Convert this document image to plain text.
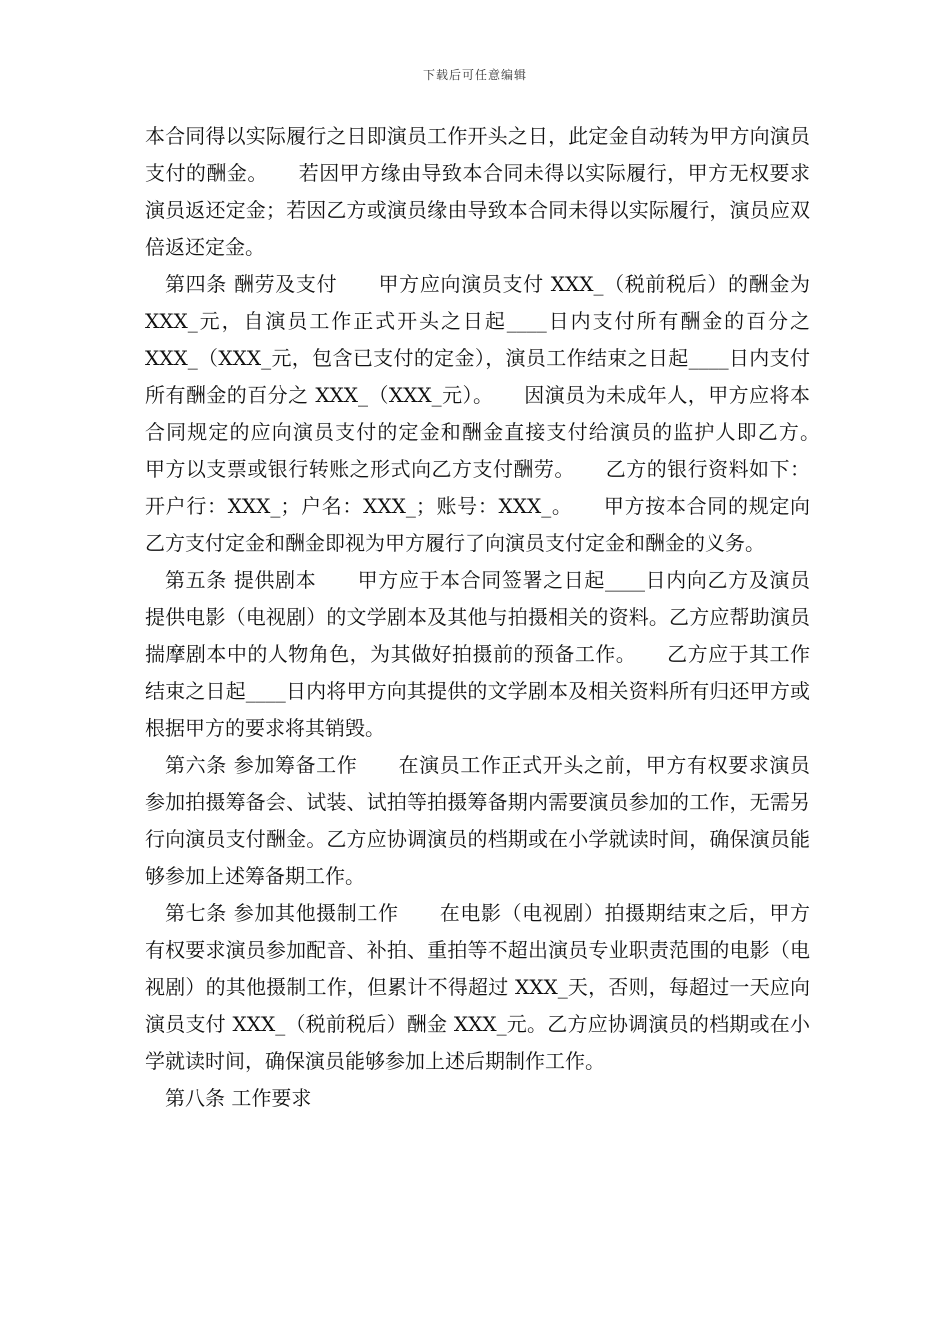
下载后可任意编辑

本合同得以实际履行之日即演员工作开头之日，此定金自动转为甲方向演员支付的酬金。　　若因甲方缘由导致本合同未得以实际履行，甲方无权要求演员返还定金；若因乙方或演员缘由导致本合同未得以实际履行，演员应双倍返还定金。

第四条 酬劳及支付　　甲方应向演员支付 XXX_（税前税后）的酬金为 XXX_元，自演员工作正式开头之日起____日内支付所有酬金的百分之 XXX_（XXX_元，包含已支付的定金），演员工作结束之日起____日内支付所有酬金的百分之 XXX_（XXX_元）。　　因演员为未成年人，甲方应将本合同规定的应向演员支付的定金和酬金直接支付给演员的监护人即乙方。　　甲方以支票或银行转账之形式向乙方支付酬劳。　　乙方的银行资料如下：开户行：XXX_；户名：XXX_；账号：XXX_。　　甲方按本合同的规定向乙方支付定金和酬金即视为甲方履行了向演员支付定金和酬金的义务。

第五条 提供剧本　　甲方应于本合同签署之日起____日内向乙方及演员提供电影（电视剧）的文学剧本及其他与拍摄相关的资料。乙方应帮助演员揣摩剧本中的人物角色，为其做好拍摄前的预备工作。　　乙方应于其工作结束之日起____日内将甲方向其提供的文学剧本及相关资料所有归还甲方或根据甲方的要求将其销毁。

第六条 参加筹备工作　　在演员工作正式开头之前，甲方有权要求演员参加拍摄筹备会、试装、试拍等拍摄筹备期内需要演员参加的工作，无需另行向演员支付酬金。乙方应协调演员的档期或在小学就读时间，确保演员能够参加上述筹备期工作。

第七条 参加其他摄制工作　　在电影（电视剧）拍摄期结束之后，甲方有权要求演员参加配音、补拍、重拍等不超出演员专业职责范围的电影（电视剧）的其他摄制工作，但累计不得超过 XXX_天，否则，每超过一天应向演员支付 XXX_（税前税后）酬金 XXX_元。乙方应协调演员的档期或在小学就读时间，确保演员能够参加上述后期制作工作。

第八条 工作要求
